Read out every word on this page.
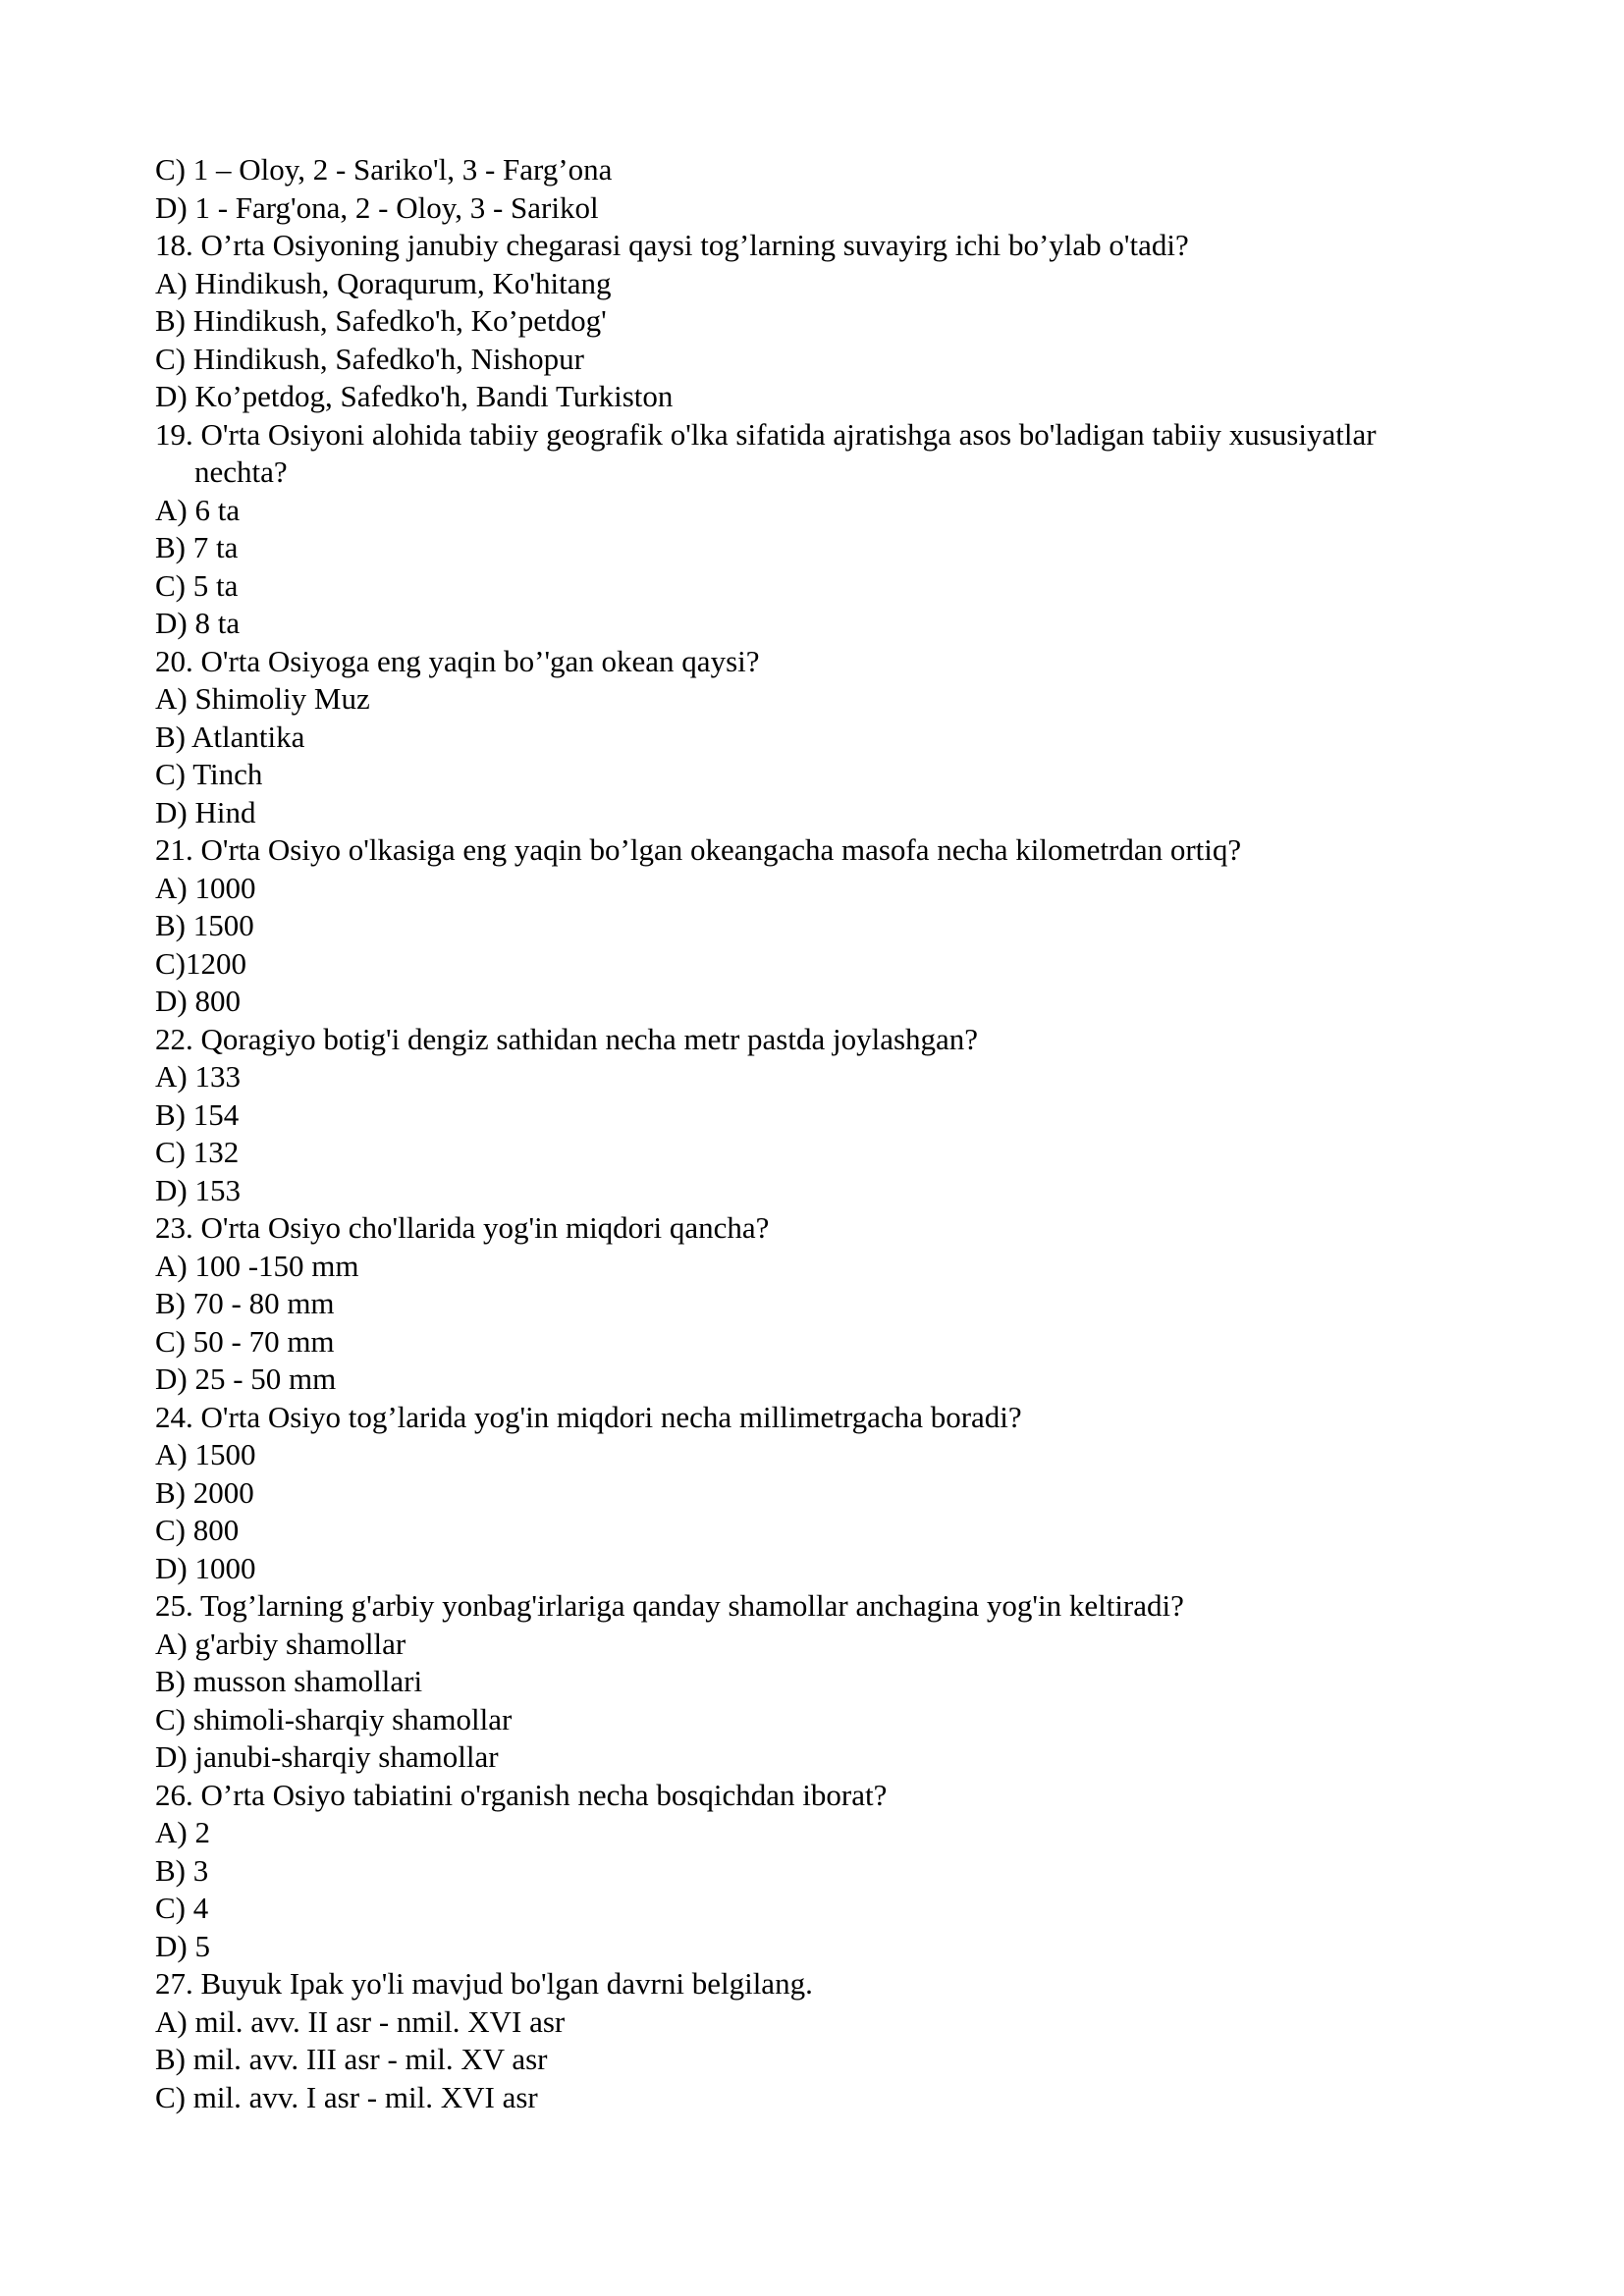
C) 1 – Oloy, 2 - Sariko'l, 3 - Farg’ona
D) 1 - Farg'ona, 2 - Oloy, 3 - Sarikol
18. O’rta Osiyoning janubiy chegarasi qaysi tog’larning suvayirg ichi bo’ylab o'tadi?
A) Hindikush, Qoraqurum, Ko'hitang
B) Hindikush, Safedko'h, Ko’petdog'
C) Hindikush, Safedko'h, Nishopur
D) Ko’petdog, Safedko'h, Bandi Turkiston
19. O'rta Osiyoni alohida tabiiy geografik o'lka sifatida ajratishga asos bo'ladigan tabiiy xususiyatlar
nechta?
A) 6 ta
B) 7 ta
C) 5 ta
D) 8 ta
20. O'rta Osiyoga eng yaqin bo’'gan okean qaysi?
A) Shimoliy Muz
B) Atlantika
C) Tinch
D) Hind
21. O'rta Osiyo o'lkasiga eng yaqin bo’lgan okeangacha masofa necha kilometrdan ortiq?
A) 1000
B) 1500
C)1200
D) 800
22. Qoragiyo botig'i dengiz sathidan necha metr pastda joylashgan?
A) 133
B) 154
C) 132
D) 153
23. O'rta Osiyo cho'llarida yog'in miqdori qancha?
A) 100 -150 mm
B) 70 - 80 mm
C) 50 - 70 mm
D) 25 - 50 mm
24. O'rta Osiyo tog’larida yog'in miqdori necha millimetrgacha boradi?
A) 1500
B) 2000
C) 800
D) 1000
25. Tog’larning g'arbiy yonbag'irlariga qanday shamollar anchagina yog'in keltiradi?
A) g'arbiy shamollar
B) musson shamollari
C) shimoli-sharqiy shamollar
D) janubi-sharqiy shamollar
26. O’rta Osiyo tabiatini o'rganish necha bosqichdan iborat?
A) 2
B) 3
C) 4
D) 5
27. Buyuk Ipak yo'li mavjud bo'lgan davrni belgilang.
A) mil. avv. II asr - nmil. XVI asr
B) mil. avv. III asr - mil. XV asr
C) mil. avv. I asr - mil. XVI asr
